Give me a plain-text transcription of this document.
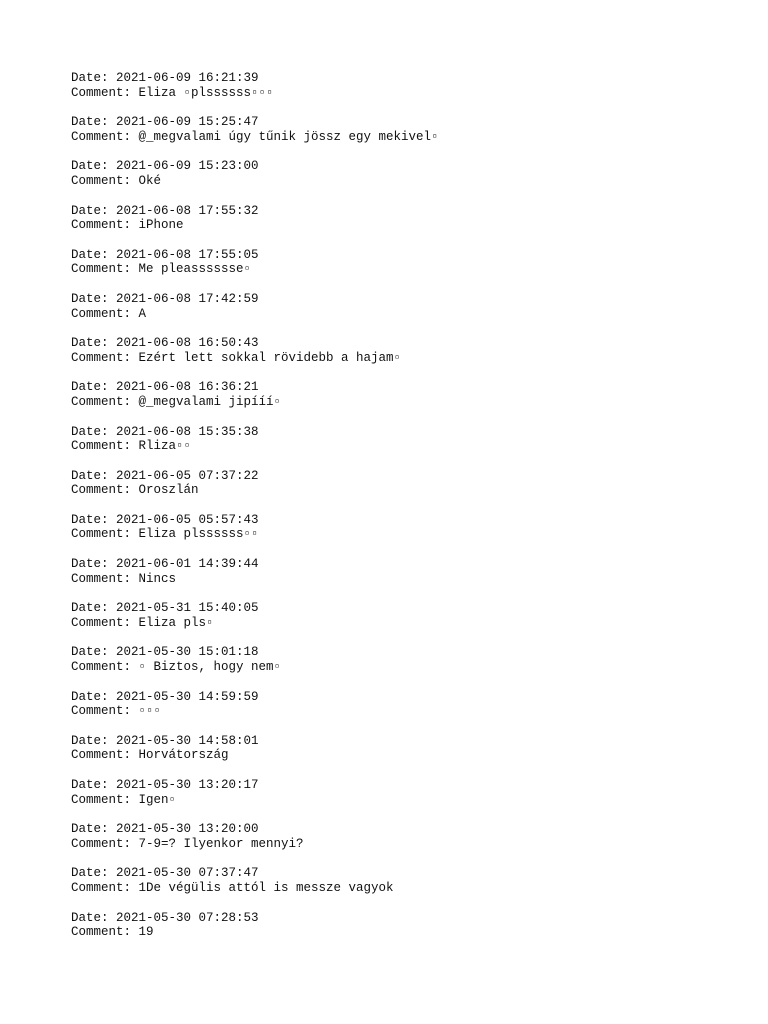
Date: 2021-06-09 16:21:39
Comment: Eliza ▫plssssss▫▫▫
Date: 2021-06-09 15:25:47
Comment: @_megvalami úgy tűnik jössz egy mekivel▫
Date: 2021-06-09 15:23:00
Comment: Oké
Date: 2021-06-08 17:55:32
Comment: iPhone
Date: 2021-06-08 17:55:05
Comment: Me pleasssssse▫
Date: 2021-06-08 17:42:59
Comment: A
Date: 2021-06-08 16:50:43
Comment: Ezért lett sokkal rövidebb a hajam▫
Date: 2021-06-08 16:36:21
Comment: @_megvalami jipííí▫
Date: 2021-06-08 15:35:38
Comment: Rliza▫▫
Date: 2021-06-05 07:37:22
Comment: Oroszlán
Date: 2021-06-05 05:57:43
Comment: Eliza plssssss▫▫
Date: 2021-06-01 14:39:44
Comment: Nincs
Date: 2021-05-31 15:40:05
Comment: Eliza pls▫
Date: 2021-05-30 15:01:18
Comment: ▫ Biztos, hogy nem▫
Date: 2021-05-30 14:59:59
Comment: ▫▫▫
Date: 2021-05-30 14:58:01
Comment: Horvátország
Date: 2021-05-30 13:20:17
Comment: Igen▫
Date: 2021-05-30 13:20:00
Comment: 7-9=? Ilyenkor mennyi?
Date: 2021-05-30 07:37:47
Comment: 1De végülis attól is messze vagyok
Date: 2021-05-30 07:28:53
Comment: 19
